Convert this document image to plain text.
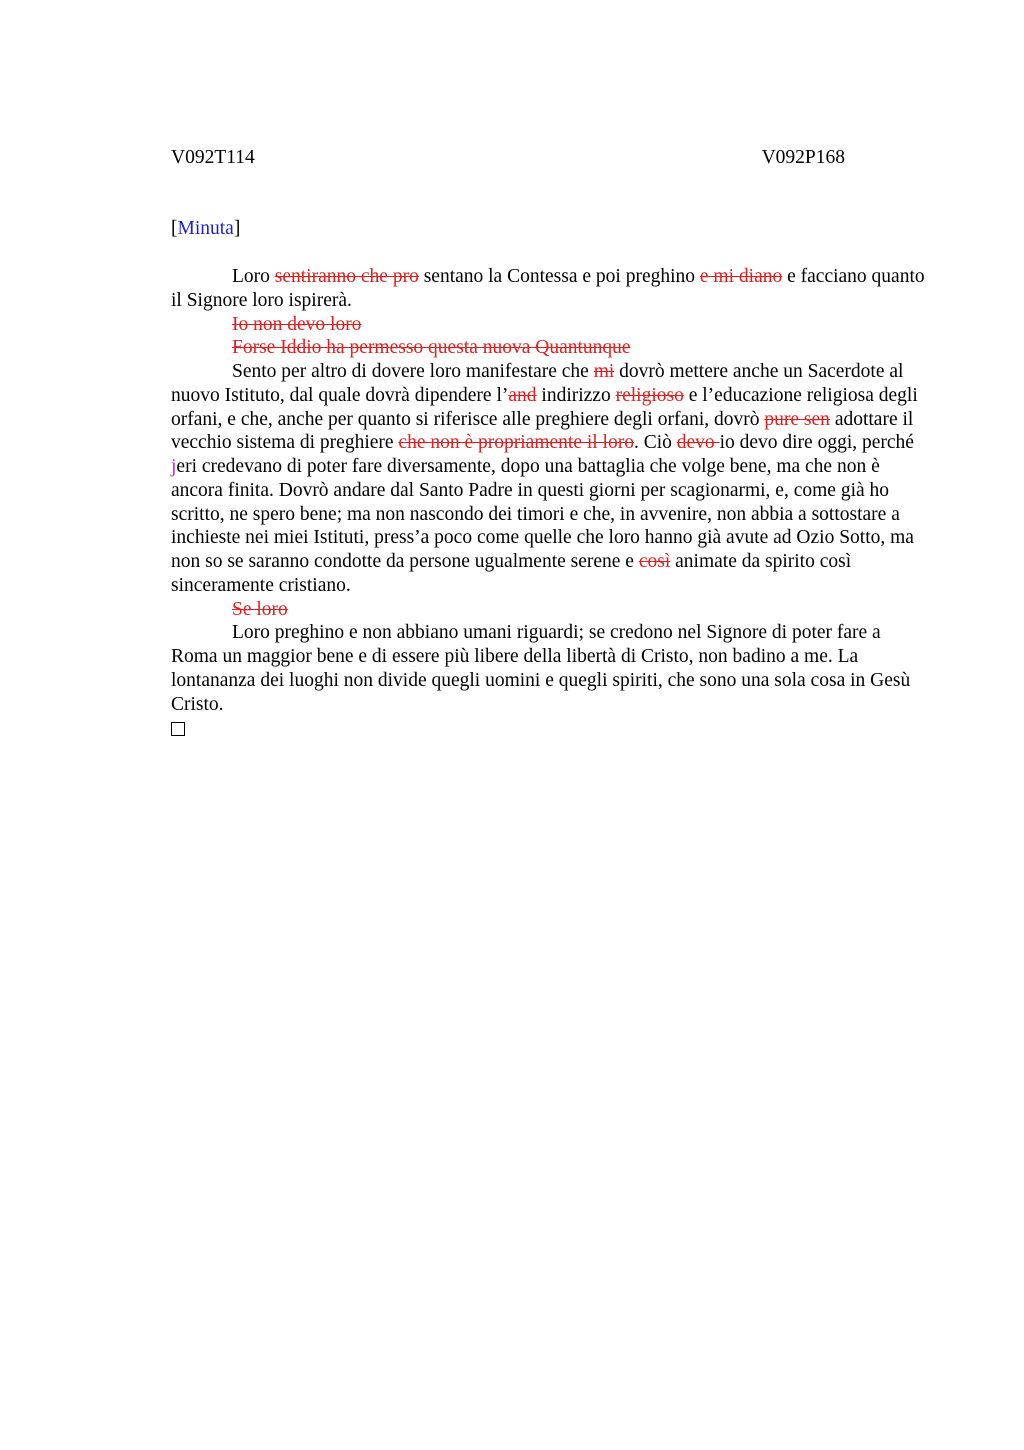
V092T114	V092P168
[Minuta]

Loro sentiranno che pro sentano la Contessa e poi preghino e mi diano e facciano quanto il Signore loro ispirerà.

Io non devo loro

Forse Iddio ha permesso questa nuova Quantunque

Sento per altro di dovere loro manifestare che mi dovrò mettere anche un Sacerdote al nuovo Istituto, dal quale dovrà dipendere l’and indirizzo religioso e l’educazione religiosa degli orfani, e che, anche per quanto si riferisce alle preghiere degli orfani, dovrò pure sen adottare il vecchio sistema di preghiere che non è propriamente il loro. Ciò devo io devo dire oggi, perché jeri credevano di poter fare diversamente, dopo una battaglia che volge bene, ma che non è ancora finita. Dovrò andare dal Santo Padre in questi giorni per scagionarmi, e, come già ho scritto, ne spero bene; ma non nascondo dei timori e che, in avvenire, non abbia a sottostare a inchieste nei miei Istituti, press’a poco come quelle che loro hanno già avute ad Ozio Sotto, ma non so se saranno condotte da persone ugualmente serene e così animate da spirito così sinceramente cristiano.

Se loro

Loro preghino e non abbiano umani riguardi; se credono nel Signore di poter fare a Roma un maggior bene e di essere più libere della libertà di Cristo, non badino a me. La lontananza dei luoghi non divide quegli uomini e quegli spiriti, che sono una sola cosa in Gesù Cristo.
